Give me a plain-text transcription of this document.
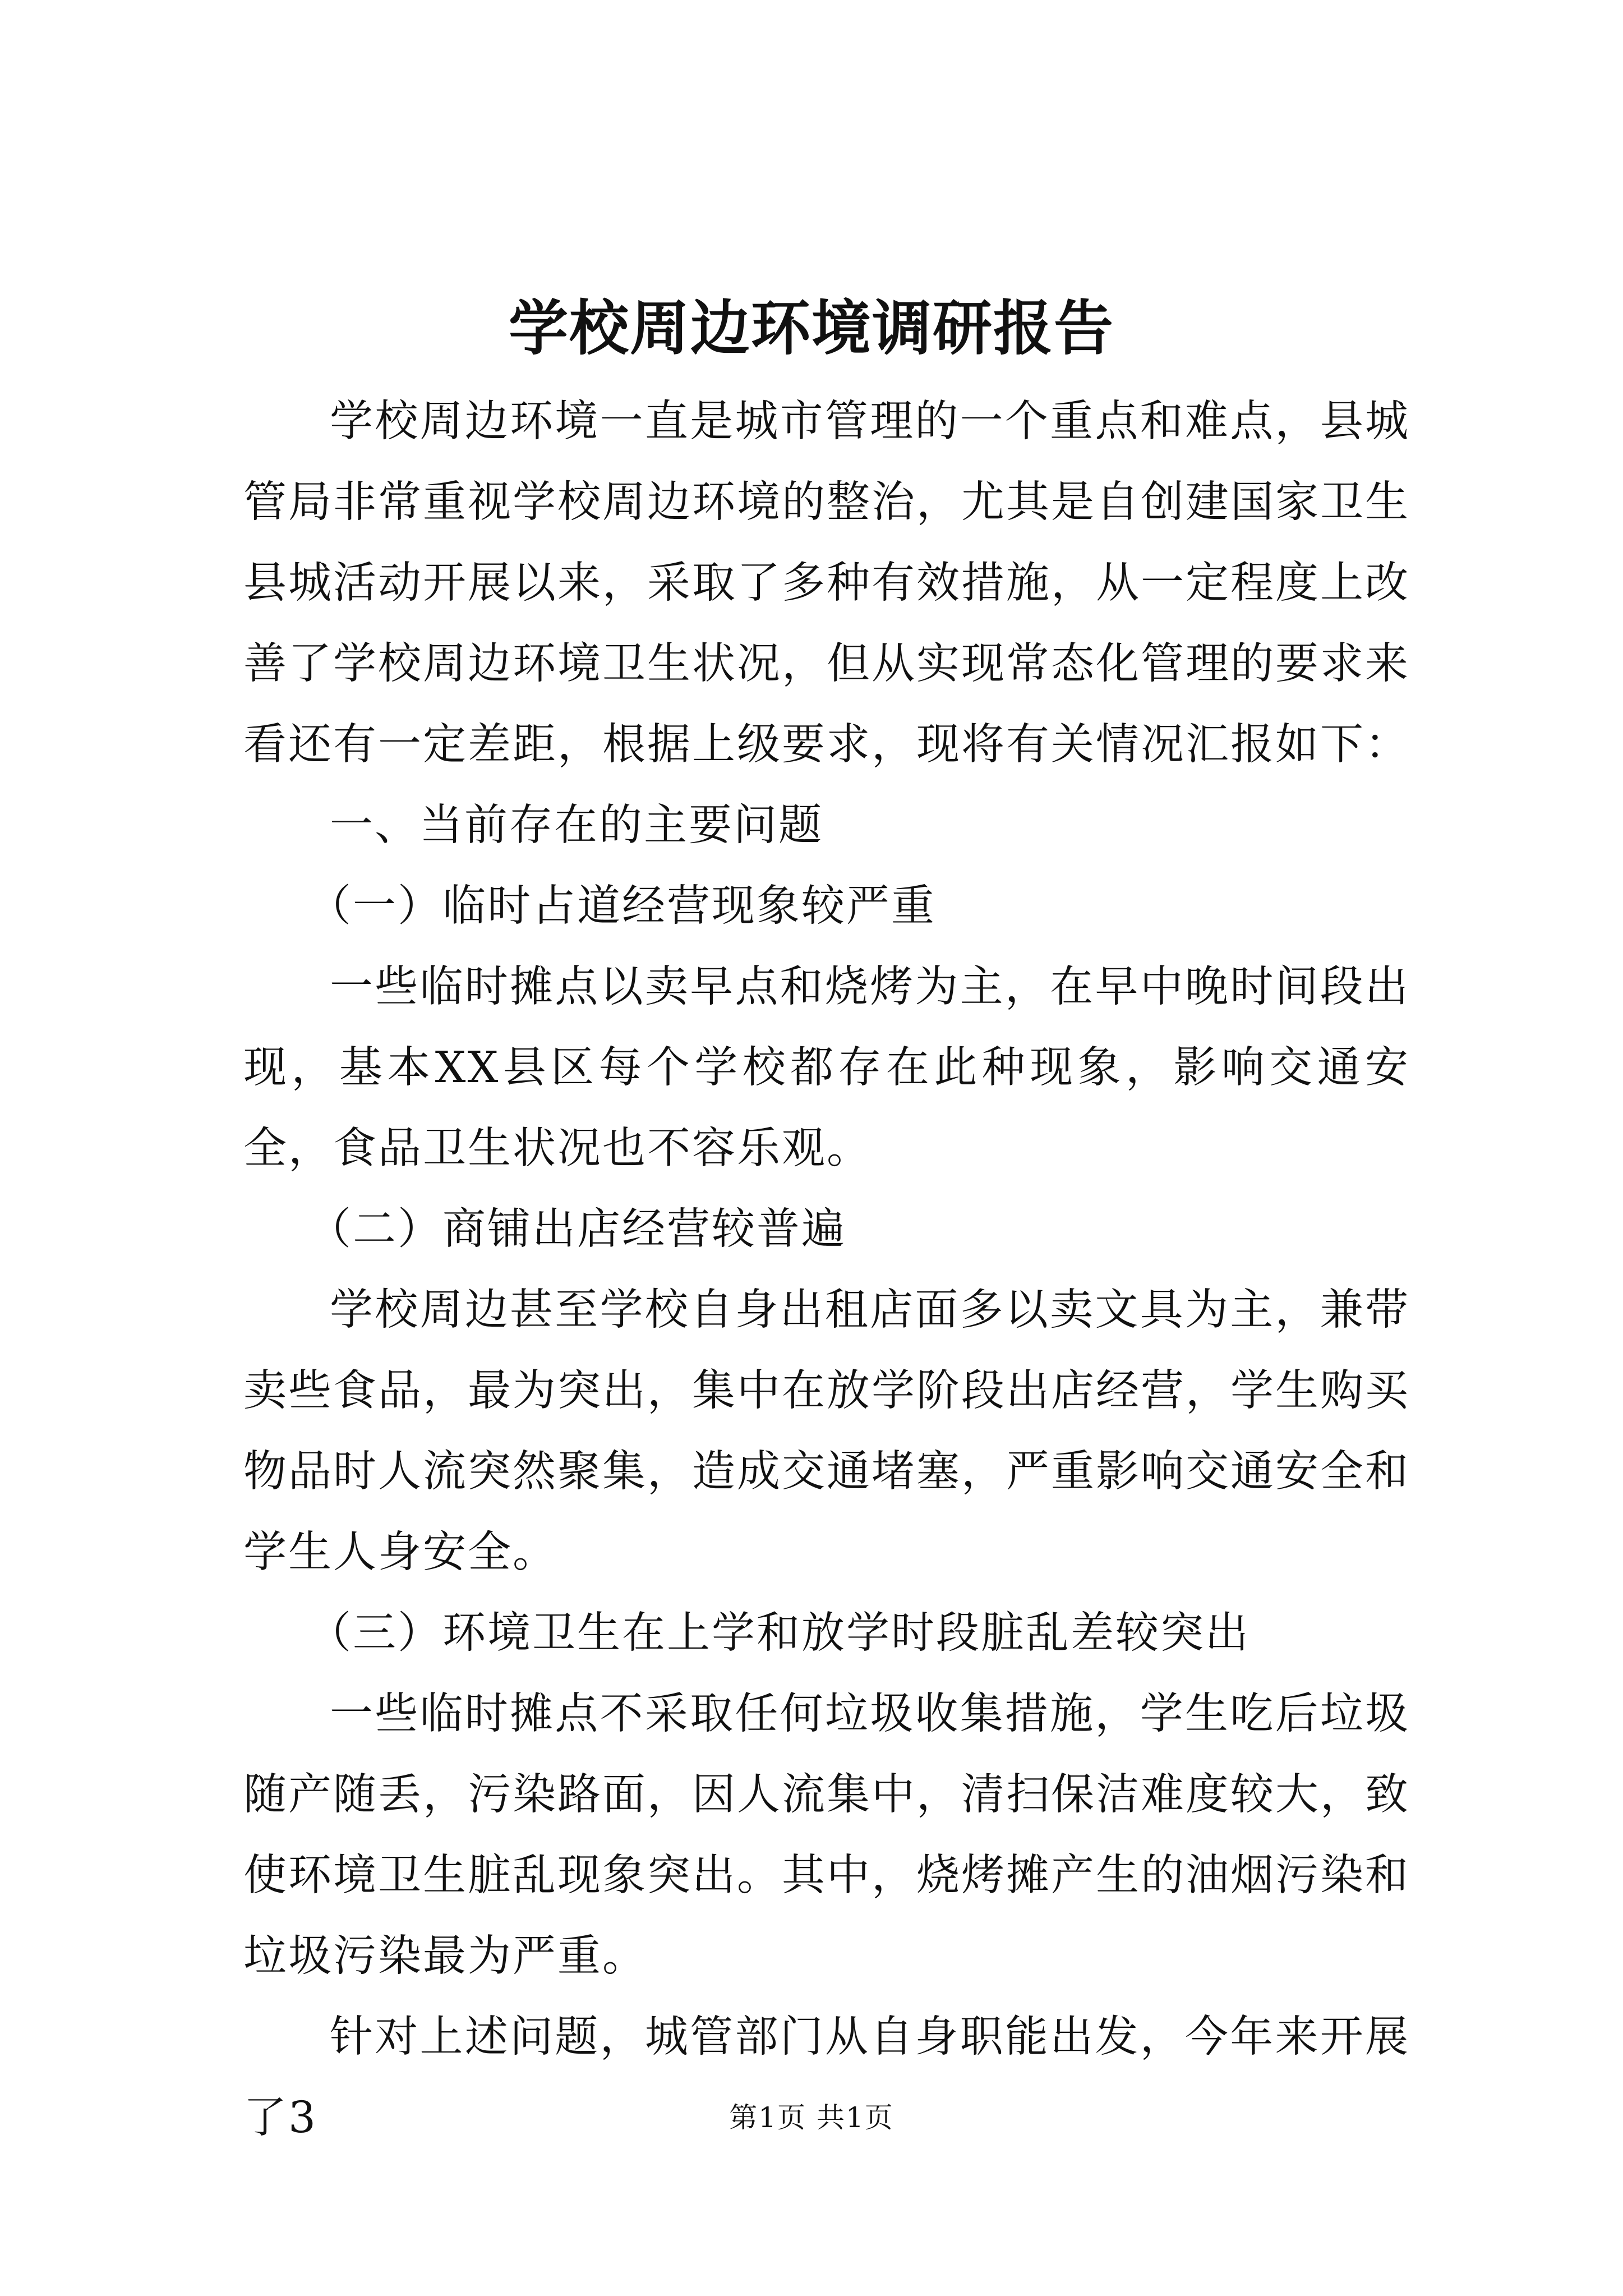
学校周边环境调研报告

学校周边环境一直是城市管理的一个重点和难点，县城管局非常重视学校周边环境的整治，尤其是自创建国家卫生县城活动开展以来，采取了多种有效措施，从一定程度上改善了学校周边环境卫生状况，但从实现常态化管理的要求来看还有一定差距，根据上级要求，现将有关情况汇报如下：

一、当前存在的主要问题

（一）临时占道经营现象较严重

一些临时摊点以卖早点和烧烤为主，在早中晚时间段出现，基本XX县区每个学校都存在此种现象，影响交通安全，食品卫生状况也不容乐观。

（二）商铺出店经营较普遍

学校周边甚至学校自身出租店面多以卖文具为主，兼带卖些食品，最为突出，集中在放学阶段出店经营，学生购买物品时人流突然聚集，造成交通堵塞，严重影响交通安全和学生人身安全。

（三）环境卫生在上学和放学时段脏乱差较突出

一些临时摊点不采取任何垃圾收集措施，学生吃后垃圾随产随丢，污染路面，因人流集中，清扫保洁难度较大，致使环境卫生脏乱现象突出。其中，烧烤摊产生的油烟污染和垃圾污染最为严重。

针对上述问题，城管部门从自身职能出发，今年来开展了3	第1页 共1页
